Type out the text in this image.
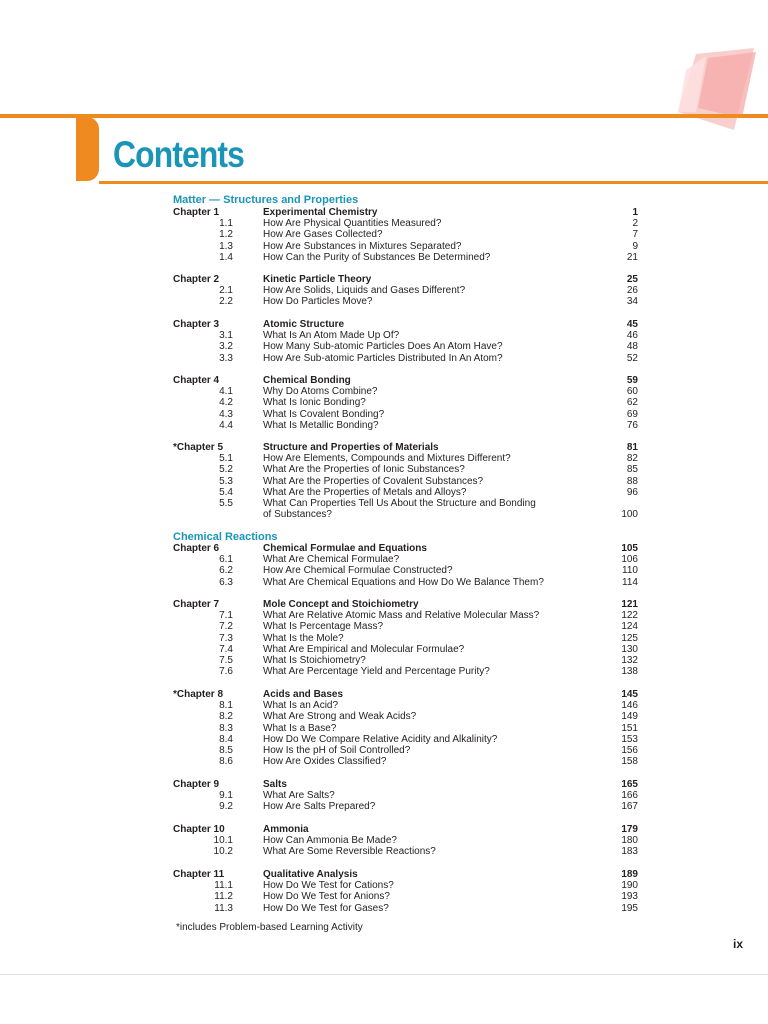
Contents
Matter — Structures and Properties
Chapter 1	Experimental Chemistry	1
1.1	How Are Physical Quantities Measured?	2
1.2	How Are Gases Collected?	7
1.3	How Are Substances in Mixtures Separated?	9
1.4	How Can the Purity of Substances Be Determined?	21
Chapter 2	Kinetic Particle Theory	25
2.1	How Are Solids, Liquids and Gases Different?	26
2.2	How Do Particles Move?	34
Chapter 3	Atomic Structure	45
3.1	What Is An Atom Made Up Of?	46
3.2	How Many Sub-atomic Particles Does An Atom Have?	48
3.3	How Are Sub-atomic Particles Distributed In An Atom?	52
Chapter 4	Chemical Bonding	59
4.1	Why Do Atoms Combine?	60
4.2	What Is Ionic Bonding?	62
4.3	What Is Covalent Bonding?	69
4.4	What Is Metallic Bonding?	76
*Chapter 5	Structure and Properties of Materials	81
5.1	How Are Elements, Compounds and Mixtures Different?	82
5.2	What Are the Properties of Ionic Substances?	85
5.3	What Are the Properties of Covalent Substances?	88
5.4	What Are the Properties of Metals and Alloys?	96
5.5	What Can Properties Tell Us About the Structure and Bonding
of Substances?	100
Chemical Reactions
Chapter 6	Chemical Formulae and Equations	105
6.1	What Are Chemical Formulae?	106
6.2	How Are Chemical Formulae Constructed?	110
6.3	What Are Chemical Equations and How Do We Balance Them?	114
Chapter 7	Mole Concept and Stoichiometry	121
7.1	What Are Relative Atomic Mass and Relative Molecular Mass?	122
7.2	What Is Percentage Mass?	124
7.3	What Is the Mole?	125
7.4	What Are Empirical and Molecular Formulae?	130
7.5	What Is Stoichiometry?	132
7.6	What Are Percentage Yield and Percentage Purity?	138
*Chapter 8	Acids and Bases	145
8.1	What Is an Acid?	146
8.2	What Are Strong and Weak Acids?	149
8.3	What Is a Base?	151
8.4	How Do We Compare Relative Acidity and Alkalinity?	153
8.5	How Is the pH of Soil Controlled?	156
8.6	How Are Oxides Classified?	158
Chapter 9	Salts	165
9.1	What Are Salts?	166
9.2	How Are Salts Prepared?	167
Chapter 10	Ammonia	179
10.1	How Can Ammonia Be Made?	180
10.2	What Are Some Reversible Reactions?	183
Chapter 11	Qualitative Analysis	189
11.1	How Do We Test for Cations?	190
11.2	How Do We Test for Anions?	193
11.3	How Do We Test for Gases?	195
*includes Problem-based Learning Activity
ix
